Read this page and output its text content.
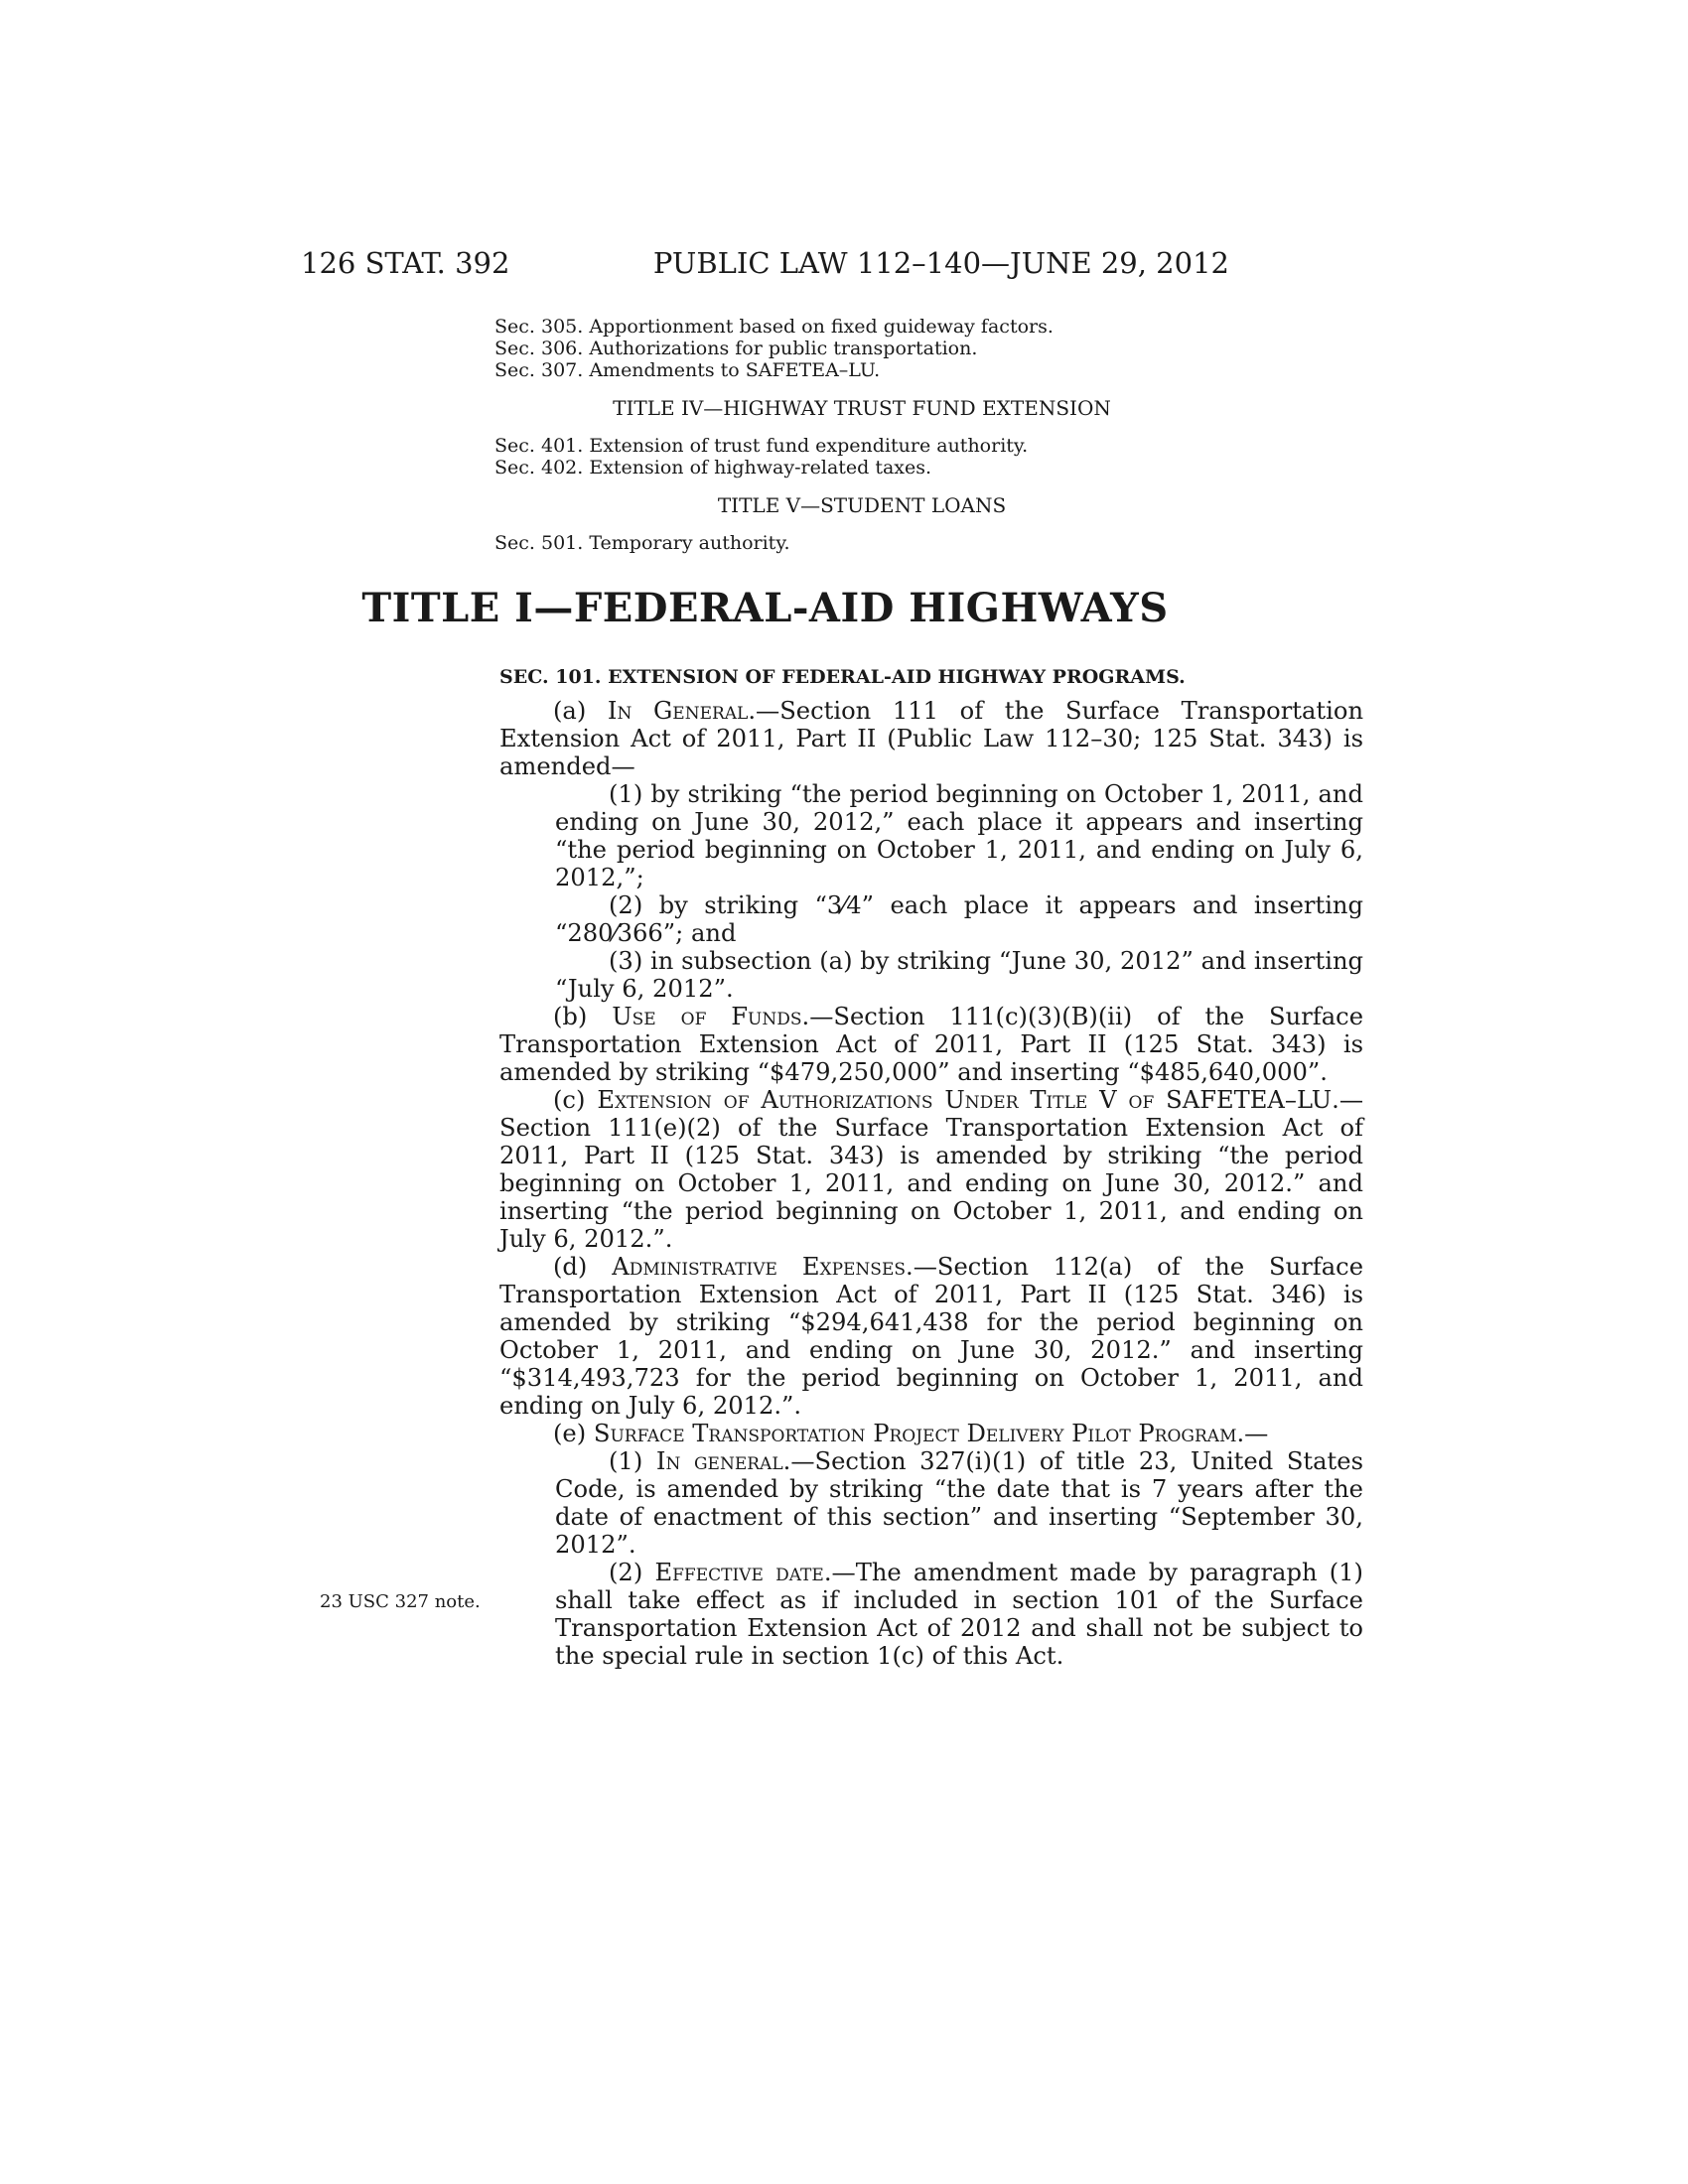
126 STAT. 392	PUBLIC LAW 112–140—JUNE 29, 2012
Sec. 305. Apportionment based on fixed guideway factors.
Sec. 306. Authorizations for public transportation.
Sec. 307. Amendments to SAFETEA–LU.
TITLE IV—HIGHWAY TRUST FUND EXTENSION
Sec. 401. Extension of trust fund expenditure authority.
Sec. 402. Extension of highway-related taxes.
TITLE V—STUDENT LOANS
Sec. 501. Temporary authority.
TITLE I—FEDERAL-AID HIGHWAYS
SEC. 101. EXTENSION OF FEDERAL-AID HIGHWAY PROGRAMS.

(a) In General.—Section 111 of the Surface Transportation Extension Act of 2011, Part II (Public Law 112–30; 125 Stat. 343) is amended—

(1) by striking “the period beginning on October 1, 2011, and ending on June 30, 2012,” each place it appears and inserting “the period beginning on October 1, 2011, and ending on July 6, 2012,”;

(2) by striking “3⁄4” each place it appears and inserting “280⁄366”; and

(3) in subsection (a) by striking “June 30, 2012” and inserting “July 6, 2012”.

(b) Use of Funds.—Section 111(c)(3)(B)(ii) of the Surface Transportation Extension Act of 2011, Part II (125 Stat. 343) is amended by striking “$479,250,000” and inserting “$485,640,000”.

(c) Extension of Authorizations Under Title V of SAFETEA–LU.—Section 111(e)(2) of the Surface Transportation Extension Act of 2011, Part II (125 Stat. 343) is amended by striking “the period beginning on October 1, 2011, and ending on June 30, 2012.” and inserting “the period beginning on October 1, 2011, and ending on July 6, 2012.”.

(d) Administrative Expenses.—Section 112(a) of the Surface Transportation Extension Act of 2011, Part II (125 Stat. 346) is amended by striking “$294,641,438 for the period beginning on October 1, 2011, and ending on June 30, 2012.” and inserting “$314,493,723 for the period beginning on October 1, 2011, and ending on July 6, 2012.”.

(e) Surface Transportation Project Delivery Pilot Program.—

(1) In general.—Section 327(i)(1) of title 23, United States Code, is amended by striking “the date that is 7 years after the date of enactment of this section” and inserting “September 30, 2012”.

(2) Effective date.—The amendment made by paragraph (1) shall take effect as if included in section 101 of the Surface Transportation Extension Act of 2012 and shall not be subject to the special rule in section 1(c) of this Act.

23 USC 327 note.
